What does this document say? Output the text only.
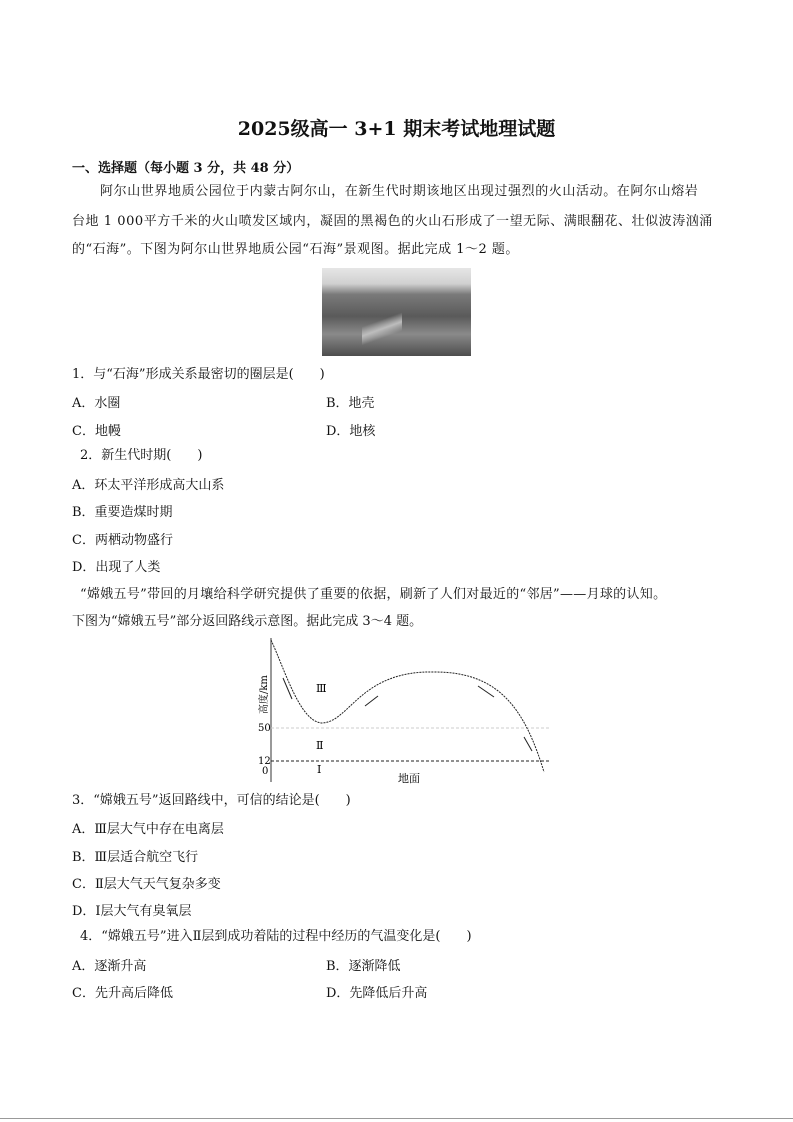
2025级高一 3+1 期末考试地理试题
一、选择题（每小题 3 分，共 48 分）
阿尔山世界地质公园位于内蒙古阿尔山，在新生代时期该地区出现过强烈的火山活动。在阿尔山熔岩
台地 1 000平方千米的火山喷发区域内，凝固的黑褐色的火山石形成了一望无际、满眼翻花、壮似波涛汹涌
的“石海”。下图为阿尔山世界地质公园“石海”景观图。据此完成 1～2 题。
1．与“石海”形成关系最密切的圈层是(　　)
A．水圈	B．地壳
C．地幔	D．地核
2．新生代时期(　　)
A．环太平洋形成高大山系
B．重要造煤时期
C．两栖动物盛行
D．出现了人类
“嫦娥五号”带回的月壤给科学研究提供了重要的依据，刷新了人们对最近的“邻居”——月球的认知。
下图为“嫦娥五号”部分返回路线示意图。据此完成 3～4 题。
高度/km
50
12
0
Ⅲ
Ⅱ
Ⅰ
地面
3．“嫦娥五号”返回路线中，可信的结论是(　　)
A．Ⅲ层大气中存在电离层
B．Ⅲ层适合航空飞行
C．Ⅱ层大气天气复杂多变
D．Ⅰ层大气有臭氧层
4．“嫦娥五号”进入Ⅱ层到成功着陆的过程中经历的气温变化是(　　)
A．逐渐升高	B．逐渐降低
C．先升高后降低	D．先降低后升高
